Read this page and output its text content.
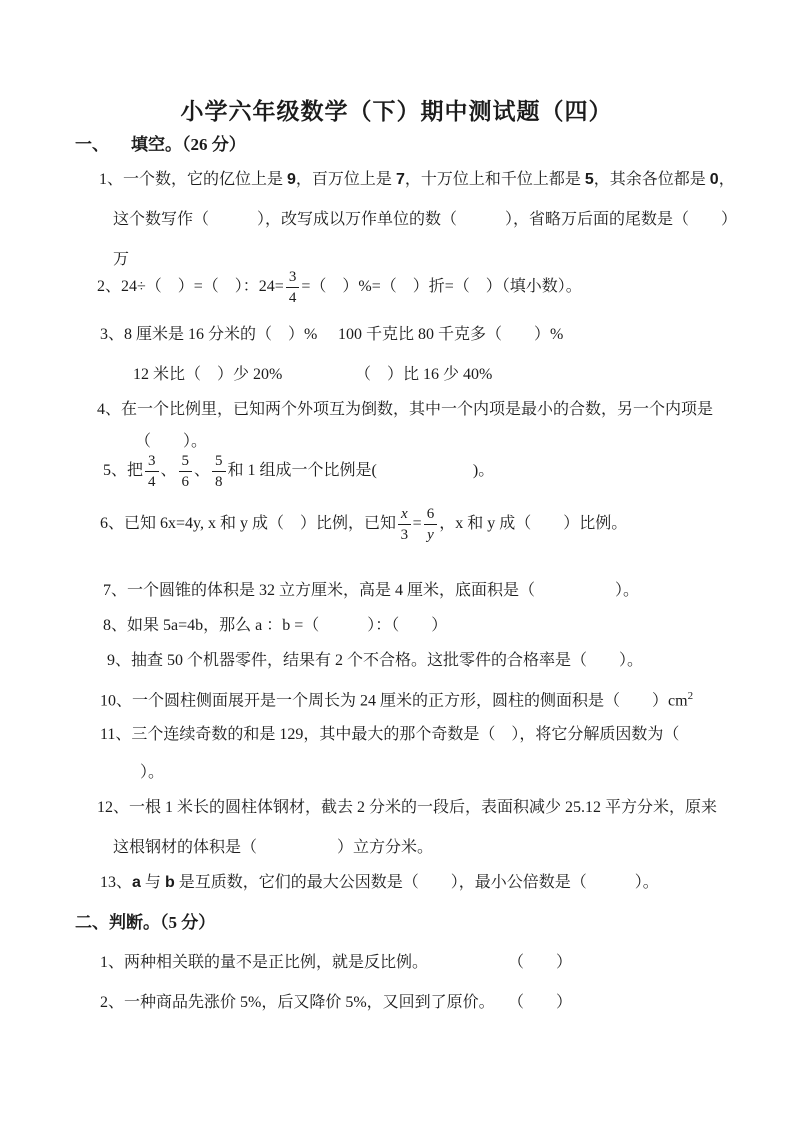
小学六年级数学（下）期中测试题（四）
一、 填空。（26 分）
1、一个数，它的亿位上是 9，百万位上是 7，十万位上和千位上都是 5，其余各位都是 0，
这个数写作（　　　），改写成以万作单位的数（　　　），省略万后面的尾数是（　　）
万
2、24÷（　）=（　）：$24= \frac{3}{4}$ =（　）%=（　）折=（　）（填小数）。
3、8 厘米是 16 分米的（　）% 100 千克比 80 千克多（　　）%
12 米比（　）少 20%	（　）比 16 少 40%
4、在一个比例里，已知两个外项互为倒数，其中一个内项是最小的合数，另一个内项是
（　　）。
5、把 $\frac{3}{4}$ 、 $\frac{5}{6}$ 、 $\frac{5}{8}$ 和 1 组成一个比例是(　　　　　　)。
6、已知 6x=4y, x 和 y 成（　）比例，已知 $\frac{x}{3} = \frac{6}{y}$ ，x 和 y 成（　　）比例。
7、一个圆锥的体积是 32 立方厘米，高是 4 厘米，底面积是（　　　　　）。
8、如果 5a=4b，那么 a ：b =（　　　）：（　　）
9、抽查 50 个机器零件，结果有 2 个不合格。这批零件的合格率是（　　）。
10、一个圆柱侧面展开是一个周长为 24 厘米的正方形，圆柱的侧面积是（　　）$cm^2$
11、三个连续奇数的和是 129，其中最大的那个奇数是（　），将它分解质因数为（
）。
12、一根 1 米长的圆柱体钢材，截去 2 分米的一段后，表面积减少 25.12 平方分米，原来
这根钢材的体积是（　　　　　）立方分米。
13、a 与 b 是互质数，它们的最大公因数是（　　），最小公倍数是（　　　）。
二、判断。（5 分）
1、两种相关联的量不是正比例，就是反比例。	（　　）
2、一种商品先涨价 5%，后又降价 5%，又回到了原价。 （　　）
